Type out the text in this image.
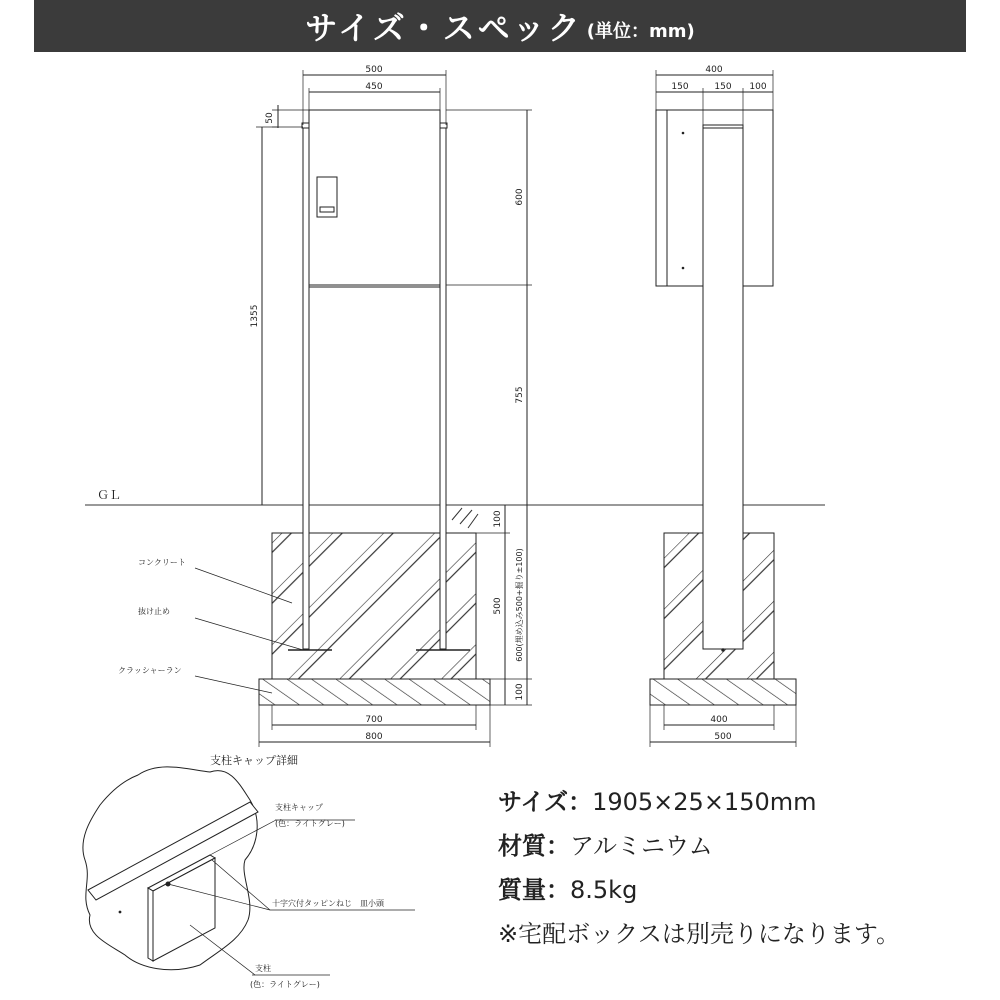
サイズ・スペック (単位：mm)
500
450
50
1355
600
755
100
500 600(埋め込み500+掘り±100)
100
700
800
ＧＬ
コンクリート
抜け止め
クラッシャーラン
400
150	150 100
400
500
支柱キャップ詳細
支柱キャップ
(色：ライトグレー)
十字穴付タッピンねじ　皿小頭
支柱
(色：ライトグレー)
サイズ：1905×25×150mm
材質：アルミニウム
質量：8.5kg
※宅配ボックスは別売りになります。
